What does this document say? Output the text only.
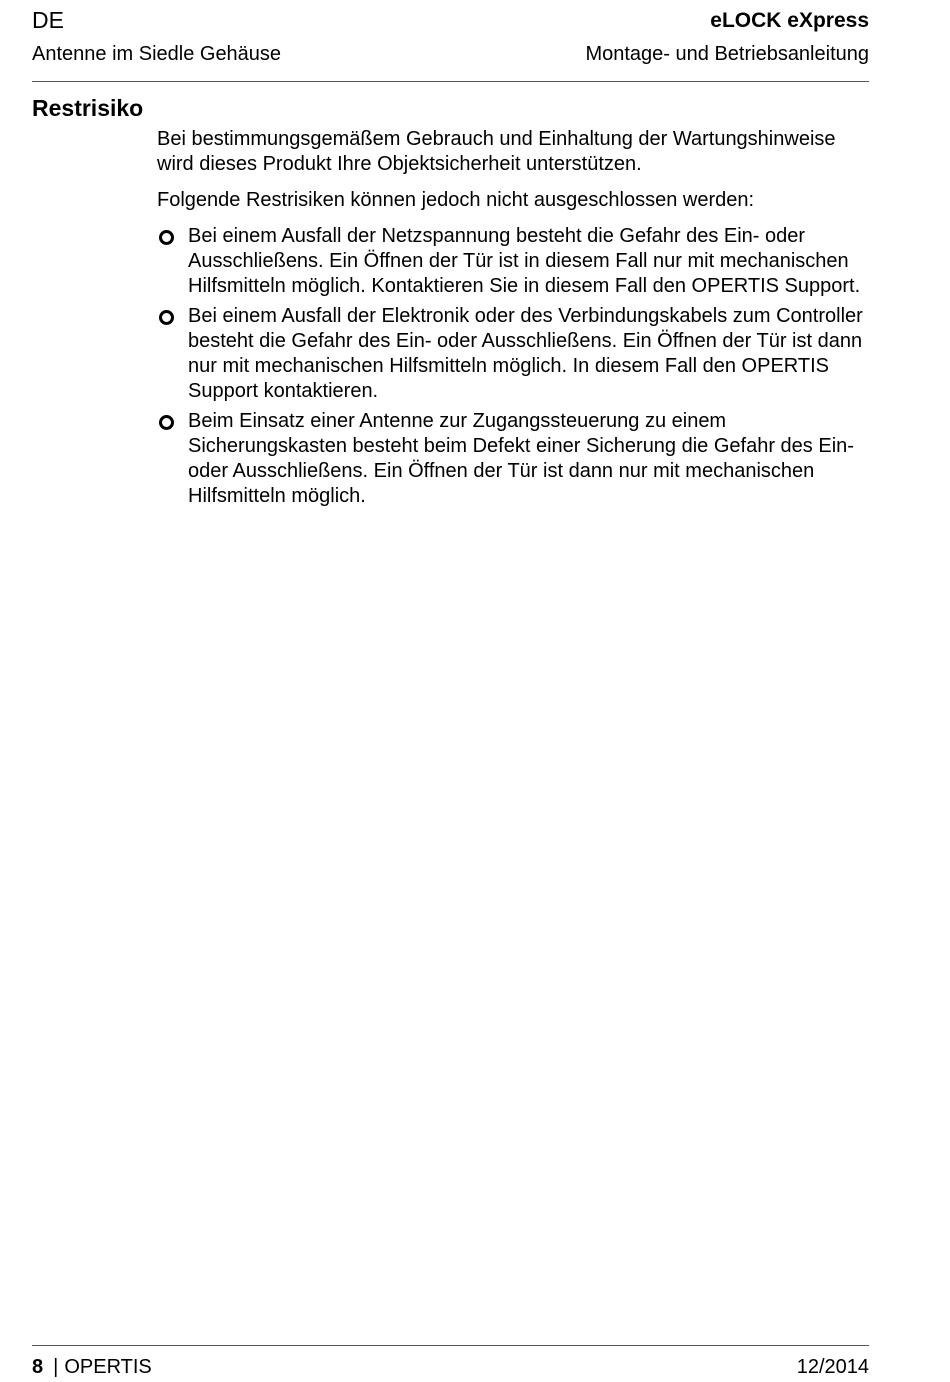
DE
Antenne im Siedle Gehäuse
eLOCK eXpress
Montage- und Betriebsanleitung
Restrisiko

Bei bestimmungsgemäßem Gebrauch und Einhaltung der Wartungshinweise wird dieses Produkt Ihre Objektsicherheit unterstützen.

Folgende Restrisiken können jedoch nicht ausgeschlossen werden:

Bei einem Ausfall der Netzspannung besteht die Gefahr des Ein- oder Ausschließens. Ein Öffnen der Tür ist in diesem Fall nur mit mechanischen Hilfsmitteln möglich. Kontaktieren Sie in diesem Fall den OPERTIS Support.
Bei einem Ausfall der Elektronik oder des Verbindungskabels zum Controller besteht die Gefahr des Ein- oder Ausschließens. Ein Öffnen der Tür ist dann nur mit mechanischen Hilfsmitteln möglich. In diesem Fall den OPERTIS Support kontaktieren.
Beim Einsatz einer Antenne zur Zugangssteuerung zu einem Sicherungskasten besteht beim Defekt einer Sicherung die Gefahr des Ein- oder Ausschließens. Ein Öffnen der Tür ist dann nur mit mechanischen Hilfsmitteln möglich.
8 | OPERTIS	12/2014
